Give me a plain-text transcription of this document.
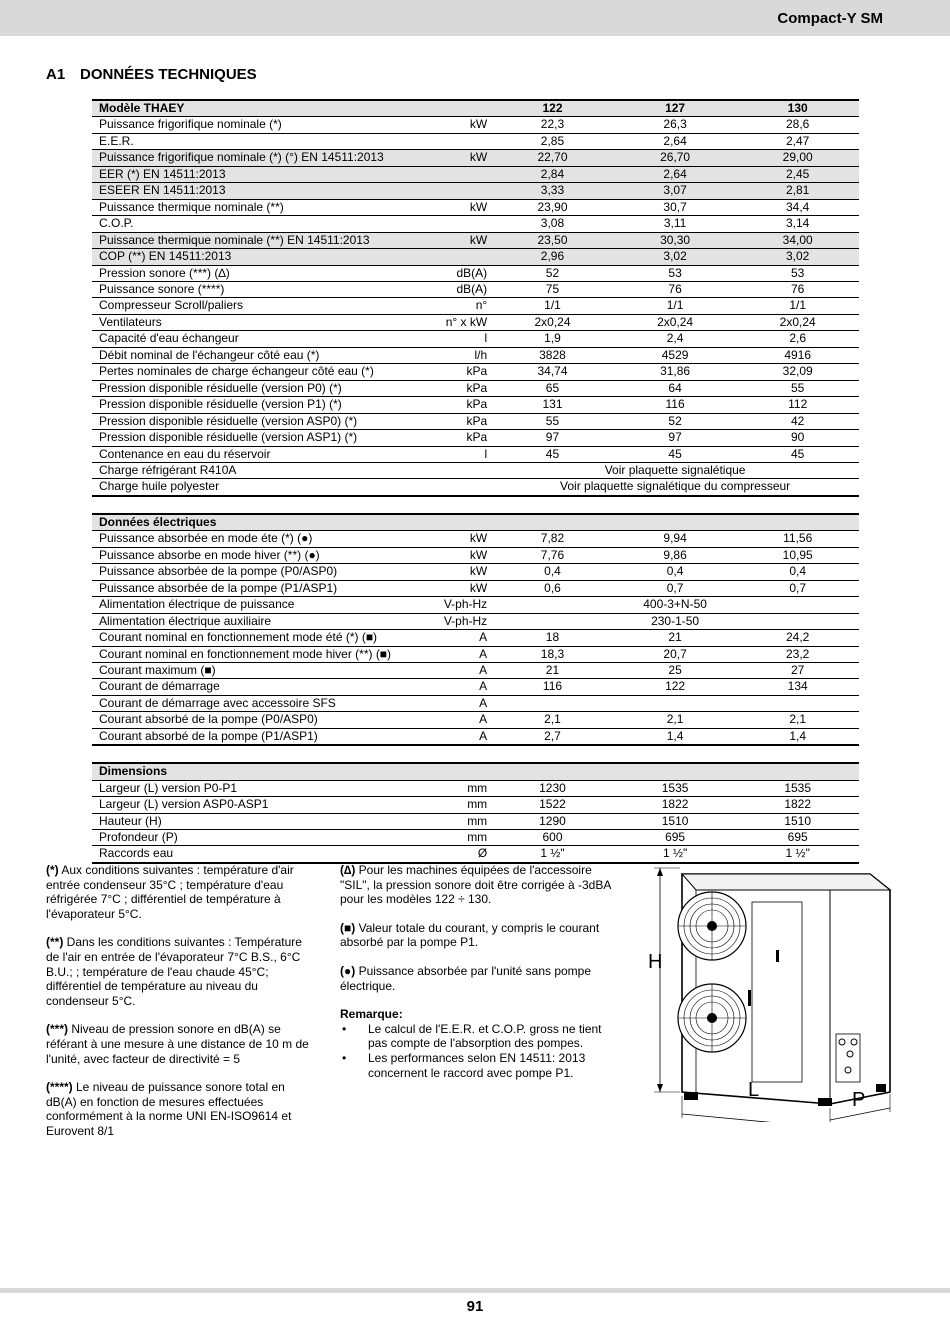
Compact-Y SM
A1 DONNÉES TECHNIQUES
Modèle THAEY		122	127	130
Puissance frigorifique nominale (*)	kW	22,3	26,3	28,6
E.E.R.		2,85	2,64	2,47
Puissance frigorifique nominale (*) (°) EN 14511:2013	kW	22,70	26,70	29,00
EER (*) EN 14511:2013		2,84	2,64	2,45
ESEER EN 14511:2013		3,33	3,07	2,81
Puissance thermique nominale (**)	kW	23,90	30,7	34,4
C.O.P.		3,08	3,11	3,14
Puissance thermique nominale (**) EN 14511:2013	kW	23,50	30,30	34,00
COP (**) EN 14511:2013		2,96	3,02	3,02
Pression sonore (***) (∆)	dB(A)	52	53	53
Puissance sonore (****)	dB(A)	75	76	76
Compresseur Scroll/paliers	n°	1/1	1/1	1/1
Ventilateurs	n° x kW	2x0,24	2x0,24	2x0,24
Capacité d'eau échangeur	l	1,9	2,4	2,6
Débit nominal de l'échangeur côté eau (*)	l/h	3828	4529	4916
Pertes nominales de charge échangeur côté eau (*)	kPa	34,74	31,86	32,09
Pression disponible résiduelle (version P0) (*)	kPa	65	64	55
Pression disponible résiduelle (version P1) (*)	kPa	131	116	112
Pression disponible résiduelle (version ASP0) (*)	kPa	55	52	42
Pression disponible résiduelle (version ASP1) (*)	kPa	97	97	90
Contenance en eau du réservoir	l	45	45	45
Charge réfrigérant R410A		Voir plaquette signalétique		
Charge huile polyester		Voir plaquette signalétique du compresseur		

Données électriques				
Puissance absorbée en mode éte (*) (●)	kW	7,82	9,94	11,56
Puissance absorbe en mode hiver (**) (●)	kW	7,76	9,86	10,95
Puissance absorbée de la pompe (P0/ASP0)	kW	0,4	0,4	0,4
Puissance absorbée de la pompe (P1/ASP1)	kW	0,6	0,7	0,7
Alimentation électrique de puissance	V-ph-Hz	400-3+N-50		
Alimentation électrique auxiliaire	V-ph-Hz	230-1-50		
Courant nominal en fonctionnement mode été (*) (■)	A	18	21	24,2
Courant nominal en fonctionnement mode hiver (**) (■)	A	18,3	20,7	23,2
Courant maximum (■)	A	21	25	27
Courant de démarrage	A	116	122	134
Courant de démarrage avec accessoire SFS	A			
Courant absorbé de la pompe (P0/ASP0)	A	2,1	2,1	2,1
Courant absorbé de la pompe (P1/ASP1)	A	2,7	1,4	1,4

Dimensions				
Largeur (L) version P0-P1	mm	1230	1535	1535
Largeur (L) version ASP0-ASP1	mm	1522	1822	1822
Hauteur (H)	mm	1290	1510	1510
Profondeur (P)	mm	600	695	695
Raccords eau	Ø	1 ½"	1 ½"	1 ½"

(*) Aux conditions suivantes : température d'air entrée condenseur 35°C ; température d'eau réfrigérée 7°C ; différentiel de température à l'évaporateur 5°C.

(**) Dans les conditions suivantes : Température de l'air en entrée de l'évaporateur 7°C B.S., 6°C B.U.; ; température de l'eau chaude 45°C; différentiel de température au niveau du condenseur 5°C.

(***) Niveau de pression sonore en dB(A) se référant à une mesure à une distance de 10 m de l'unité, avec facteur de directivité = 5

(****) Le niveau de puissance sonore total en dB(A) en fonction de mesures effectuées conformément à la norme UNI EN-ISO9614 et Eurovent 8/1

(∆) Pour les machines équipées de l'accessoire "SIL", la pression sonore doit être corrigée à -3dBA pour les modèles 122 ÷ 130.

(■) Valeur totale du courant, y compris le courant absorbé par la pompe P1.

(●) Puissance absorbée par l'unité sans pompe électrique.

Remarque:

• Le calcul de l'E.E.R. et C.O.P. gross ne tient pas compte de l'absorption des pompes.
• Les performances selon EN 14511: 2013 concernent le raccord avec pompe P1.
H
L	P
91
